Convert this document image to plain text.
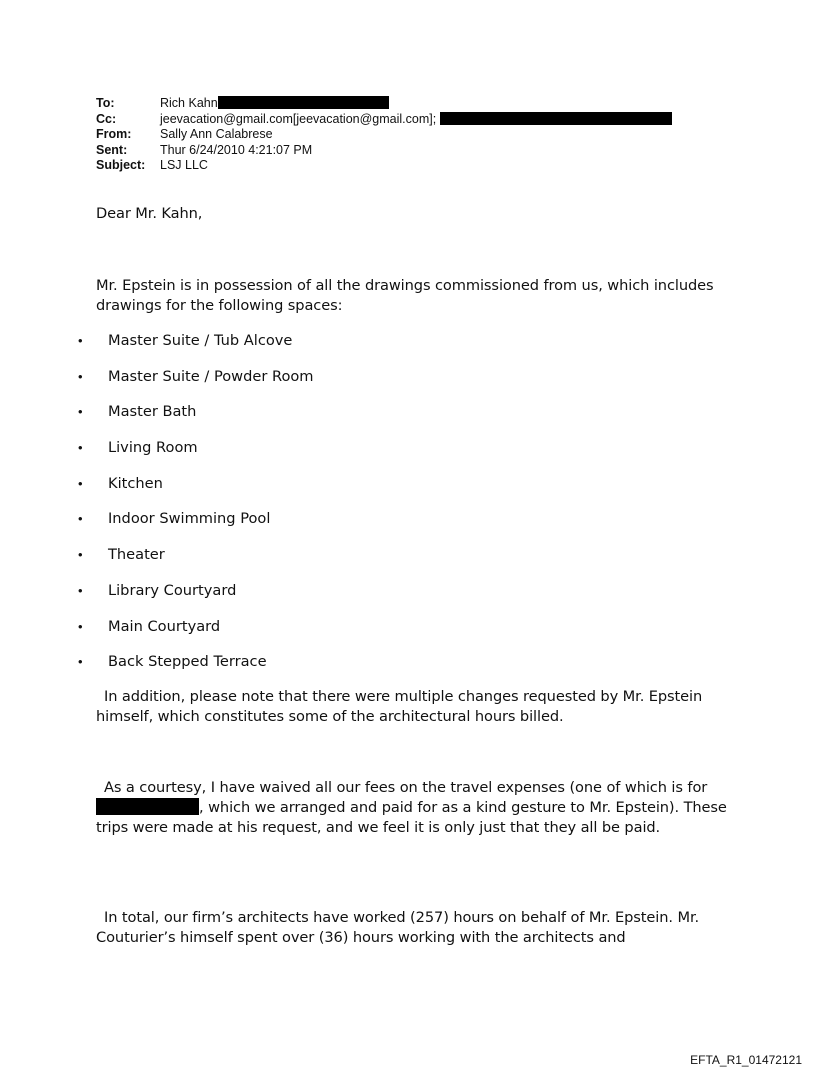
To:	Rich Kahn
Cc:	jeevacation@gmail.com[jeevacation@gmail.com];
From:	Sally Ann Calabrese
Sent:	Thur 6/24/2010 4:21:07 PM
Subject:	LSJ LLC
Dear Mr. Kahn,
Mr. Epstein is in possession of all the drawings commissioned from us, which includes drawings for the following spaces:
•	Master Suite / Tub Alcove
•	Master Suite / Powder Room
•	Master Bath
•	Living Room
•	Kitchen
•	Indoor Swimming Pool
•	Theater
•	Library Courtyard
•	Main Courtyard
•	Back Stepped Terrace
In addition, please note that there were multiple changes requested by Mr. Epstein himself, which constitutes some of the architectural hours billed.
As a courtesy, I have waived all our fees on the travel expenses (one of which is for, which we arranged and paid for as a kind gesture to Mr. Epstein). These trips were made at his request, and we feel it is only just that they all be paid.
In total, our firm’s architects have worked (257) hours on behalf of Mr. Epstein. Mr. Couturier’s himself spent over (36) hours working with the architects and
EFTA_R1_01472121
